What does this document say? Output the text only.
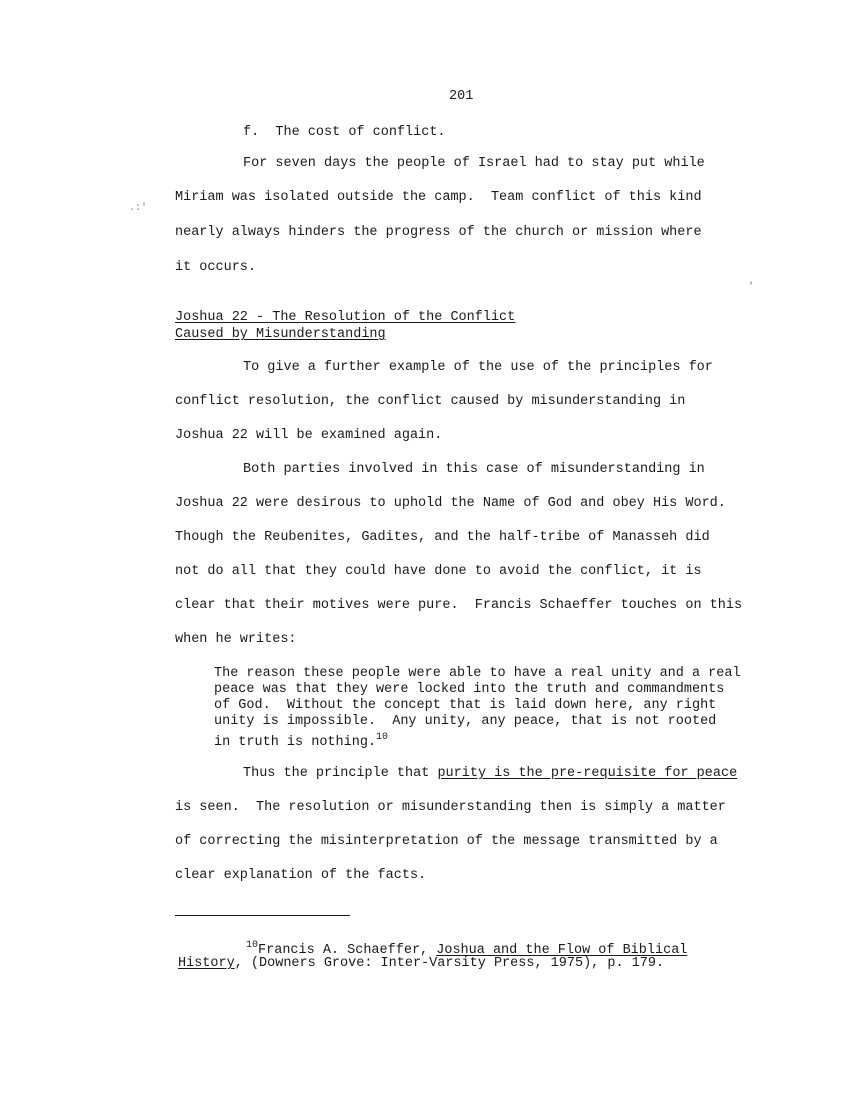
.:'
'
201
f.  The cost of conflict.
For seven days the people of Israel had to stay put while
Miriam was isolated outside the camp.  Team conflict of this kind
nearly always hinders the progress of the church or mission where
it occurs.
Joshua 22 - The Resolution of the Conflict
Caused by Misunderstanding
To give a further example of the use of the principles for
conflict resolution, the conflict caused by misunderstanding in
Joshua 22 will be examined again.
Both parties involved in this case of misunderstanding in
Joshua 22 were desirous to uphold the Name of God and obey His Word.
Though the Reubenites, Gadites, and the half-tribe of Manasseh did
not do all that they could have done to avoid the conflict, it is
clear that their motives were pure.  Francis Schaeffer touches on this
when he writes:
The reason these people were able to have a real unity and a real
peace was that they were locked into the truth and commandments
of God.  Without the concept that is laid down here, any right
unity is impossible.  Any unity, any peace, that is not rooted
in truth is nothing.$^{10}$
Thus the principle that purity is the pre-requisite for peace
is seen.  The resolution or misunderstanding then is simply a matter
of correcting the misinterpretation of the message transmitted by a
clear explanation of the facts.
$^{10}$Francis A. Schaeffer, Joshua and the Flow of Biblical
History, (Downers Grove: Inter-Varsity Press, 1975), p. 179.
